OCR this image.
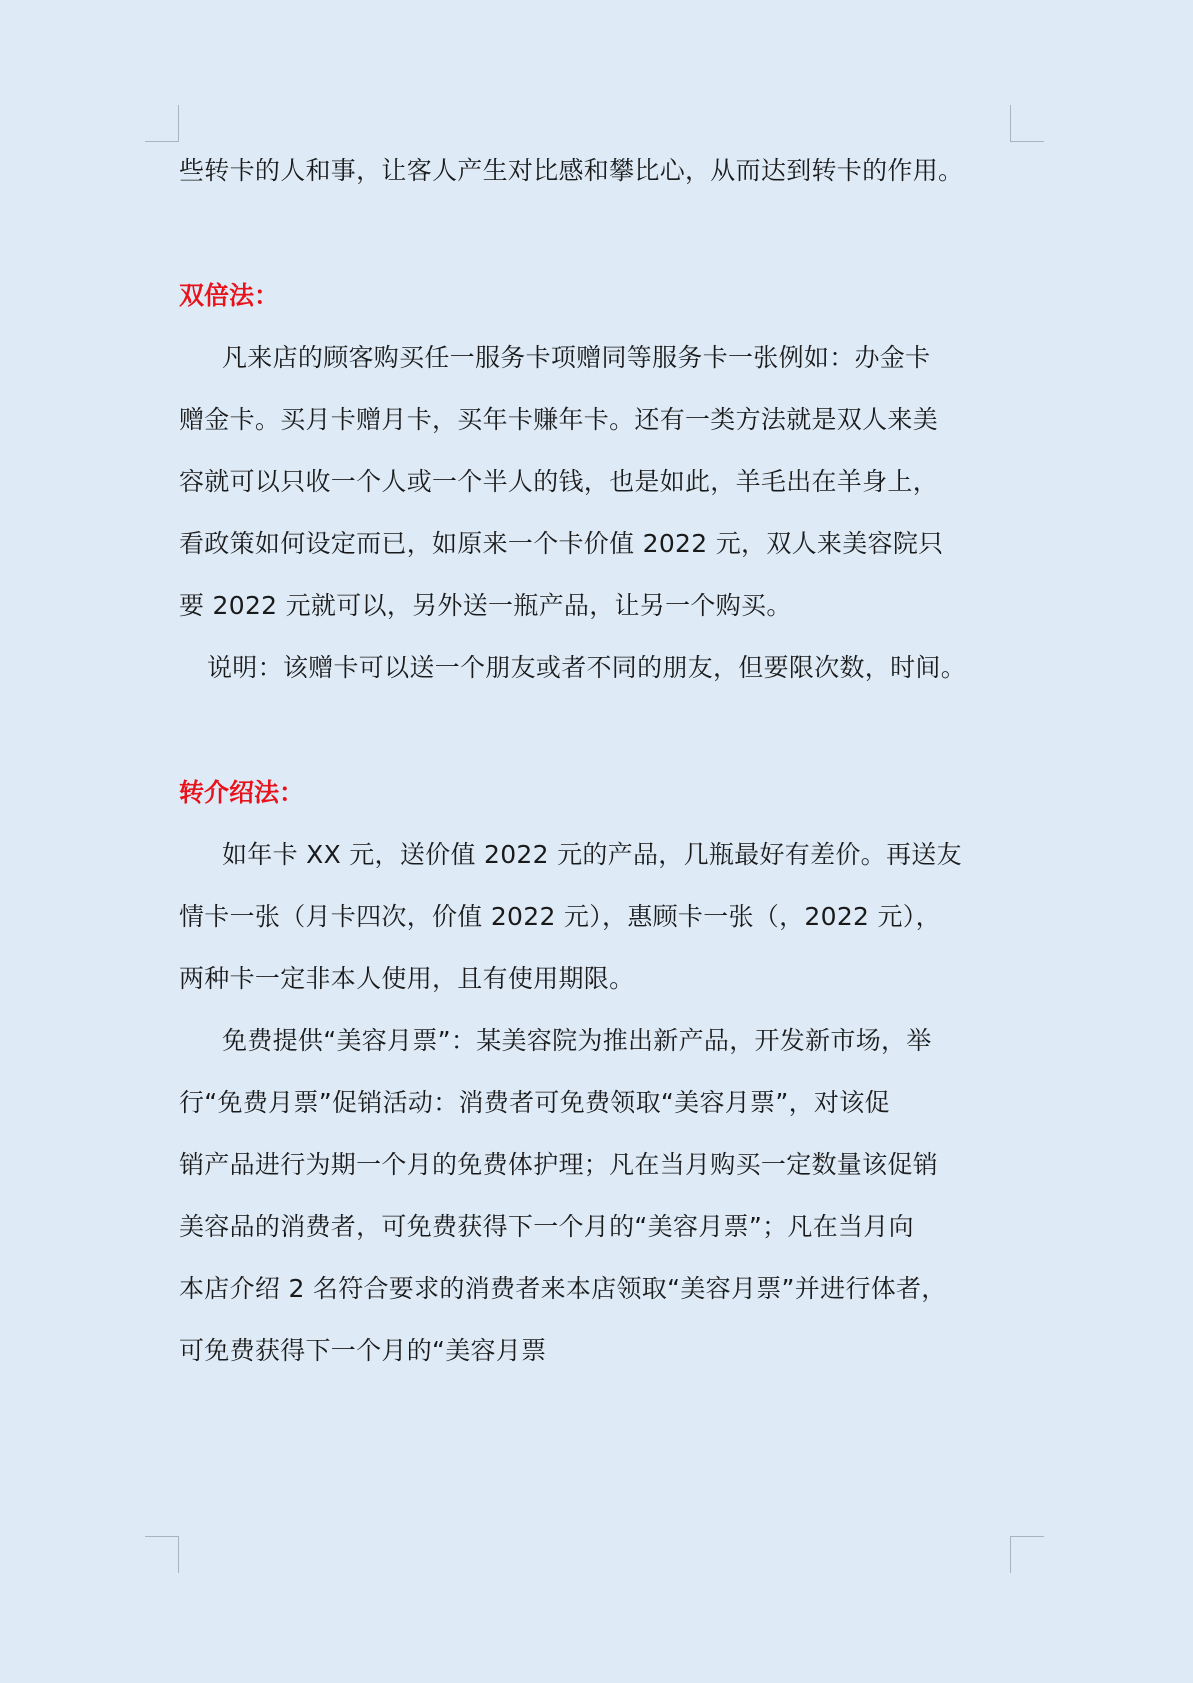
些转卡的人和事，让客人产生对比感和攀比心，从而达到转卡的作用。
双倍法：
凡来店的顾客购买任一服务卡项赠同等服务卡一张例如：办金卡
赠金卡。买月卡赠月卡，买年卡赚年卡。还有一类方法就是双人来美
容就可以只收一个人或一个半人的钱，也是如此，羊毛出在羊身上，
看政策如何设定而已，如原来一个卡价值 2022 元，双人来美容院只
要 2022 元就可以，另外送一瓶产品，让另一个购买。
说明：该赠卡可以送一个朋友或者不同的朋友，但要限次数，时间。
转介绍法：
如年卡 XX 元，送价值 2022 元的产品，几瓶最好有差价。再送友
情卡一张（月卡四次，价值 2022 元），惠顾卡一张（，2022 元），
两种卡一定非本人使用，且有使用期限。
免费提供“美容月票”：某美容院为推出新产品，开发新市场，举
行“免费月票”促销活动：消费者可免费领取“美容月票”，对该促
销产品进行为期一个月的免费体护理；凡在当月购买一定数量该促销
美容品的消费者，可免费获得下一个月的“美容月票”；凡在当月向
本店介绍 2 名符合要求的消费者来本店领取“美容月票”并进行体者，
可免费获得下一个月的“美容月票
